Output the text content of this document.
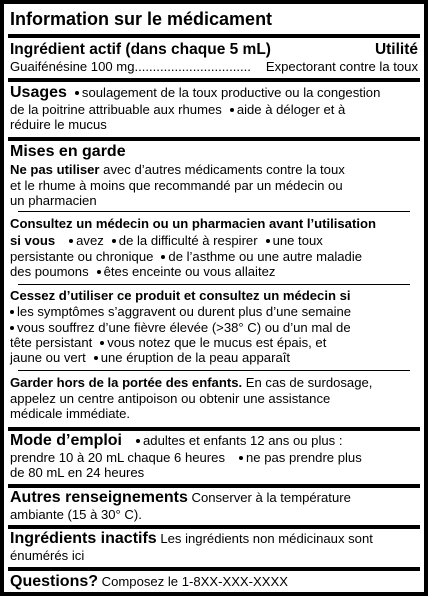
Information sur le médicament
Ingrédient actif (dans chaque 5 mL)	Utilité
Guaifénésine 100 mg................................ Expectorant contre la toux
Usages soulagement de la toux productive ou la congestion
de la poitrine attribuable aux rhumes aide à déloger et à
réduire le mucus
Mises en garde
Ne pas utiliser avec d’autres médicaments contre la toux
et le rhume à moins que recommandé par un médecin ou
un pharmacien
Consultez un médecin ou un pharmacien avant l’utilisation
si vous avez de la difficulté à respirer une toux
persistante ou chronique de l’asthme ou une autre maladie
des poumons êtes enceinte ou vous allaitez
Cessez d’utiliser ce produit et consultez un médecin si
les symptômes s’aggravent ou durent plus d’une semaine
vous souffrez d’une fièvre élevée (>38° C) ou d’un mal de
tête persistant vous notez que le mucus est épais, et
jaune ou vert une éruption de la peau apparaît
Garder hors de la portée des enfants. En cas de surdosage,
appelez un centre antipoison ou obtenir une assistance
médicale immédiate.
Mode d’emploi adultes et enfants 12 ans ou plus :
prendre 10 à 20 mL chaque 6 heures ne pas prendre plus
de 80 mL en 24 heures
Autres renseignements Conserver à la température
ambiante (15 à 30° C).
Ingrédients inactifs Les ingrédients non médicinaux sont
énumérés ici
Questions? Composez le 1-8XX-XXX-XXXX
